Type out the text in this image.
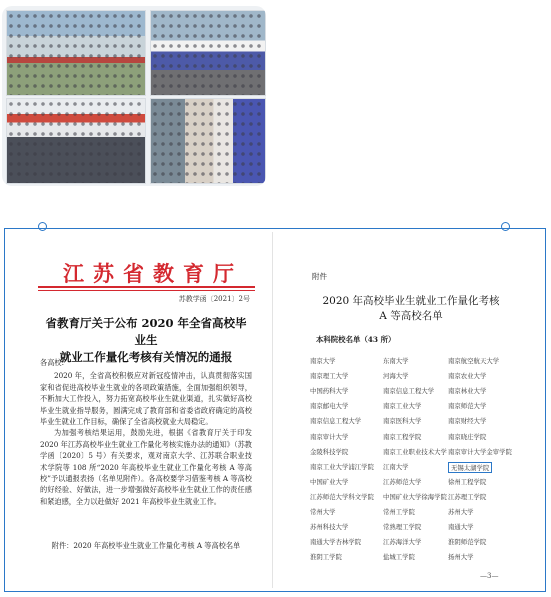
江苏省教育厅
苏教学函〔2021〕2号
省教育厅关于公布 2020 年全省高校毕业生
就业工作量化考核有关情况的通报

各高校:

2020 年，全省高校积极应对新冠疫情冲击，认真贯彻落实国家和省促进高校毕业生就业的各项政策措施，全面加强组织领导，不断加大工作投入，努力拓宽高校毕业生就业渠道，扎实做好高校毕业生就业指导服务，圆满完成了教育部和省委省政府确定的高校毕业生就业工作目标，确保了全省高校就业大局稳定。

为加强考核结果运用，鼓励先进，根据《省教育厅关于印发 2020 年江苏高校毕业生就业工作量化考核实施办法的通知》（苏教学函〔2020〕5 号）有关要求，观对南京大学、江苏联合职业技术学院等 108 所“2020 年高校毕业生就业工作量化考核 A 等高校”予以通报表扬（名单见附件）。各高校要学习借鉴考核 A 等高校的好经验、好做法，进一步增强做好高校毕业生就业工作的责任感和紧迫感，全力以赴做好 2021 年高校毕业生就业工作。

附件：2020 年高校毕业生就业工作量化考核 A 等高校名单
附件
2020 年高校毕业生就业工作量化考核
A 等高校名单
本科院校名单（43 所）
南京大学	东南大学	南京航空航天大学
南京理工大学	河海大学	南京农业大学
中国药科大学	南京信息工程大学 南京林业大学
南京邮电大学	南京工业大学	南京师范大学
南京信息工程大学	南京医科大学	南京财经大学
南京审计大学	南京工程学院	南京晓庄学院
金陵科技学院	南京工业职业技术大学 南京审计大学金审学院
南京工业大学浦江学院 江南大学	无锡太湖学院
中国矿业大学	江苏师范大学	徐州工程学院
江苏师范大学科文学院 中国矿业大学徐海学院 江苏理工学院
常州大学	常州工学院	苏州大学
苏州科技大学	常熟理工学院	南通大学
南通大学杏林学院	江苏海洋大学	淮阴师范学院
淮阴工学院	盐城工学院	扬州大学
—3—
